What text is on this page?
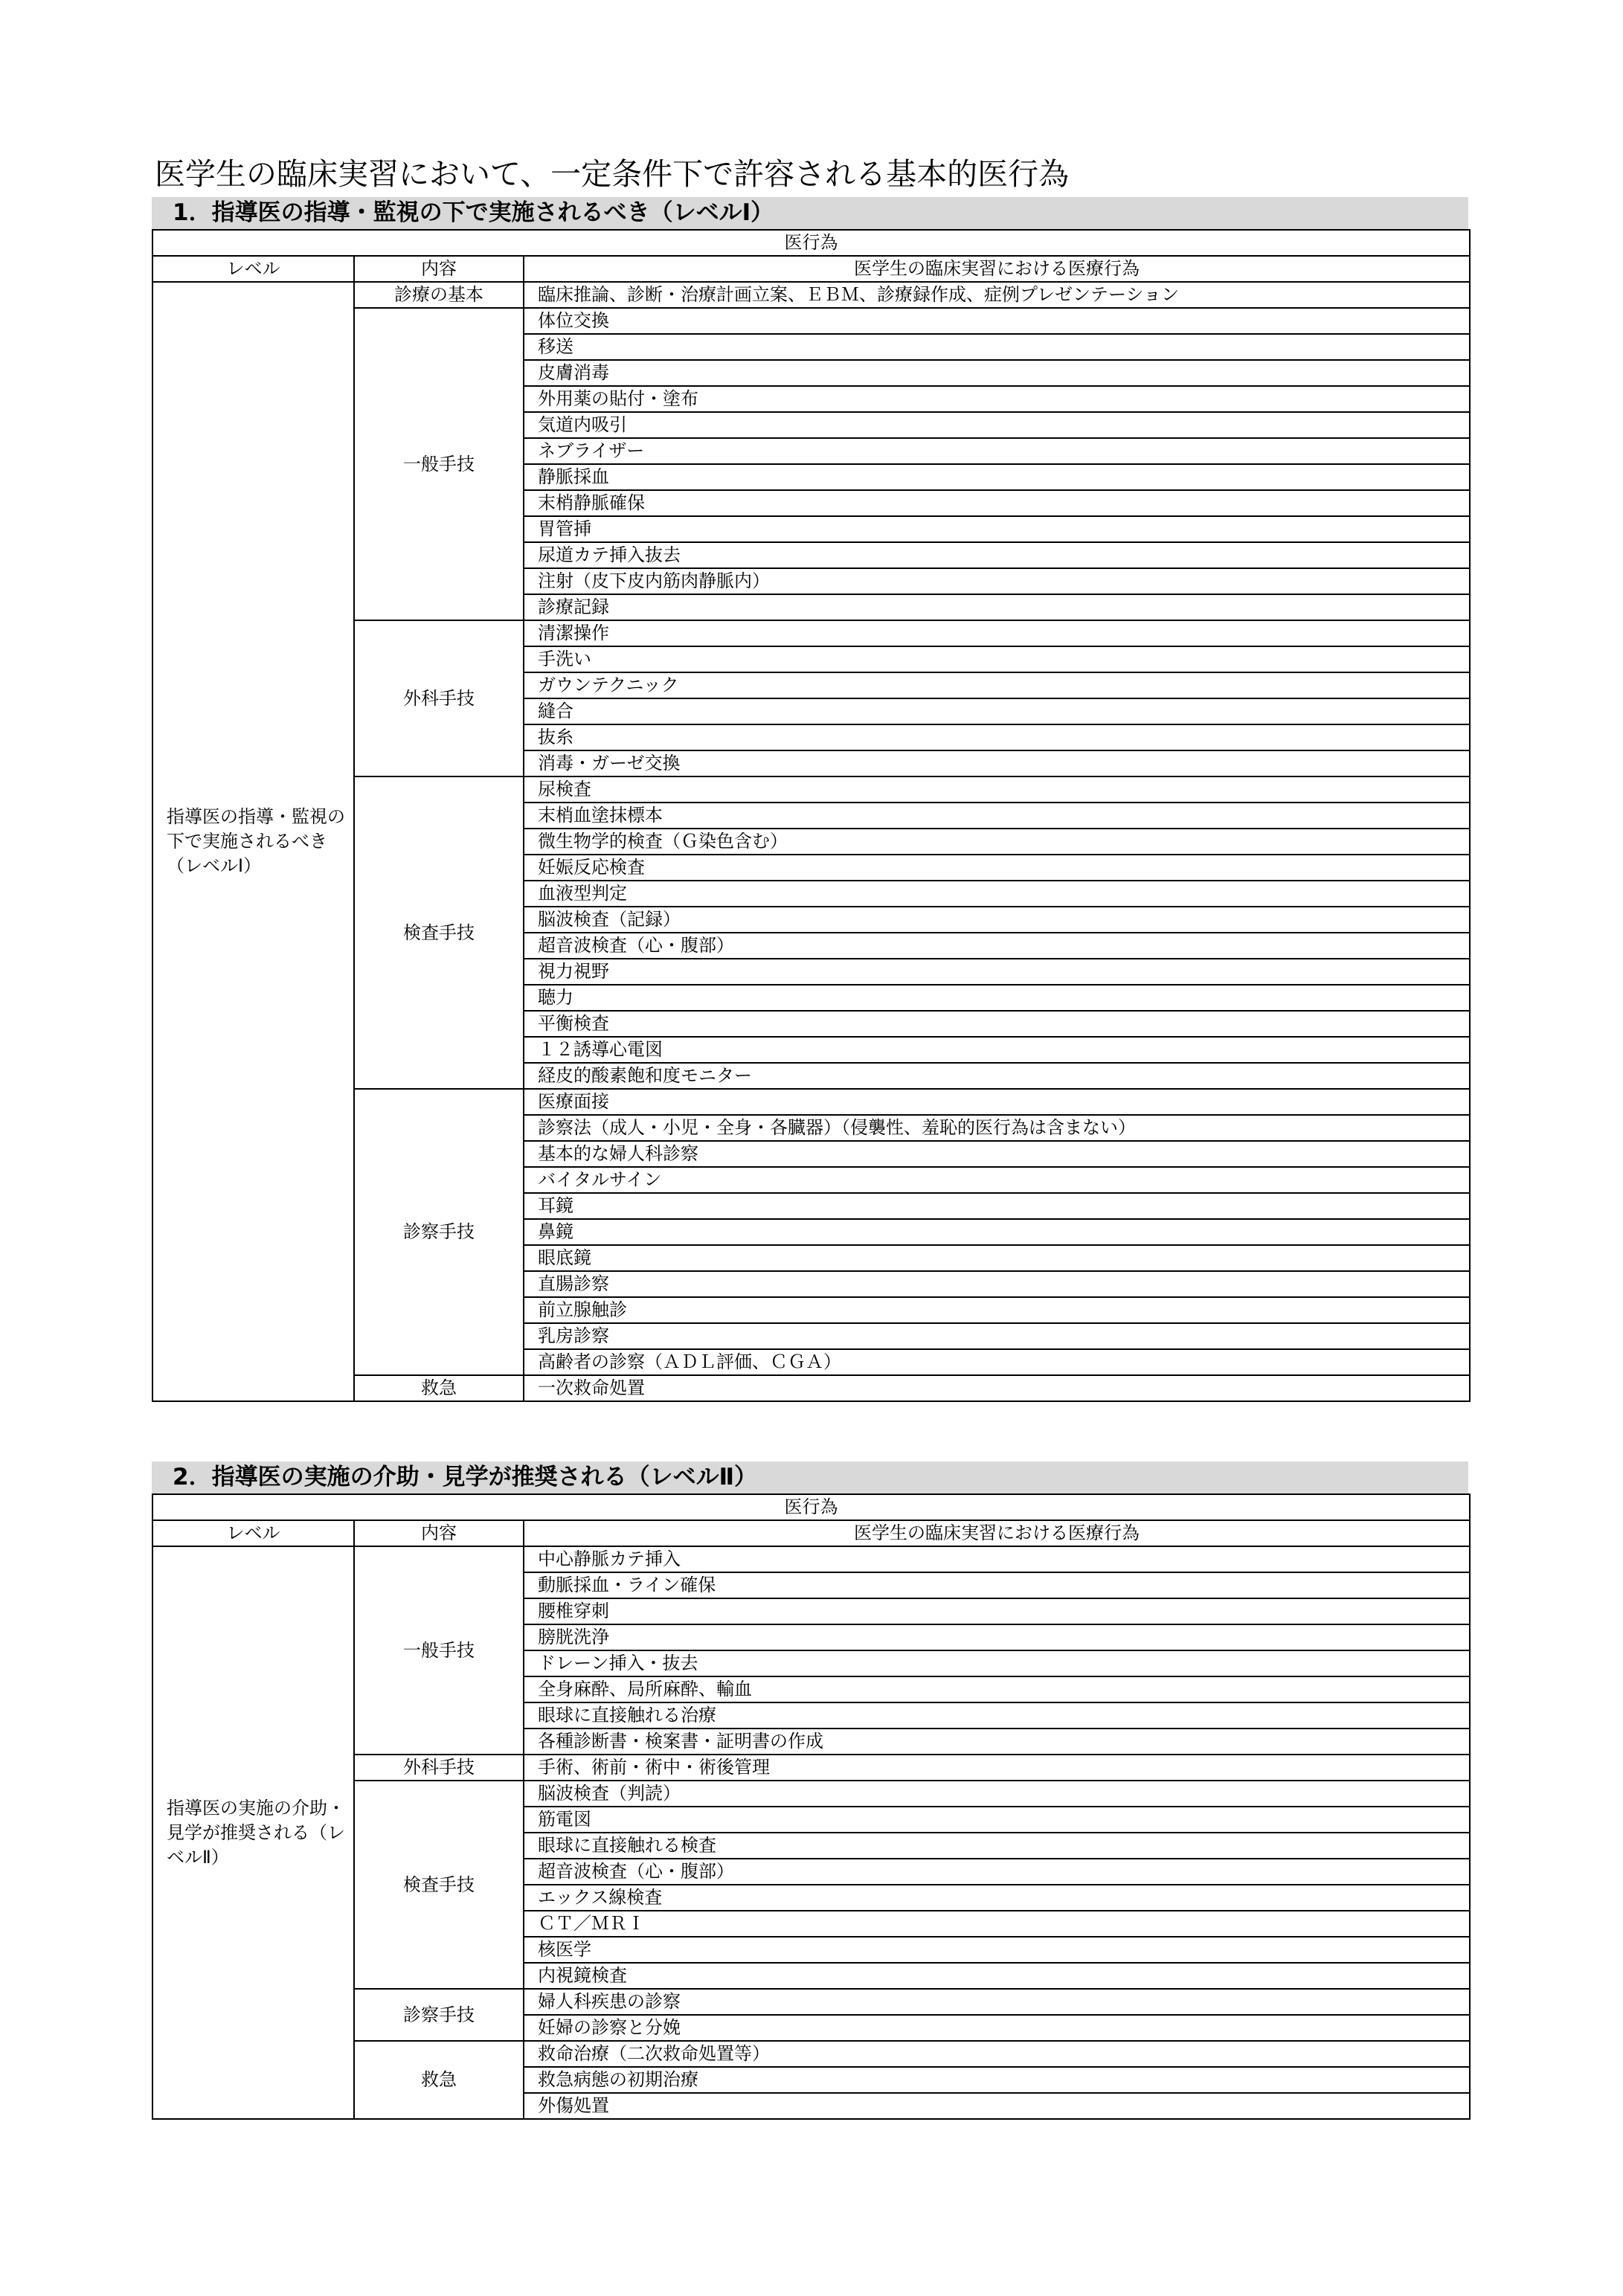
医学生の臨床実習において、一定条件下で許容される基本的医行為
1．指導医の指導・監視の下で実施されるべき（レベルⅠ）
医行為		
レベル	内容	医学生の臨床実習における医療行為
指導医の指導・監視の下で実施されるべき（レベルⅠ）	診療の基本	臨床推論、診断・治療計画立案、ＥＢＭ、診療録作成、症例プレゼンテーション
	一般手技	体位交換
		移送
		皮膚消毒
		外用薬の貼付・塗布
		気道内吸引
		ネブライザー
		静脈採血
		末梢静脈確保
		胃管挿
		尿道カテ挿入抜去
		注射（皮下皮内筋肉静脈内）
		診療記録
	外科手技	清潔操作
		手洗い
		ガウンテクニック
		縫合
		抜糸
		消毒・ガーゼ交換
	検査手技	尿検査
		末梢血塗抹標本
		微生物学的検査（Ｇ染色含む）
		妊娠反応検査
		血液型判定
		脳波検査（記録）
		超音波検査（心・腹部）
		視力視野
		聴力
		平衡検査
		１２誘導心電図
		経皮的酸素飽和度モニター
	診察手技	医療面接
		診察法（成人・小児・全身・各臓器）（侵襲性、羞恥的医行為は含まない）
		基本的な婦人科診察
		バイタルサイン
		耳鏡
		鼻鏡
		眼底鏡
		直腸診察
		前立腺触診
		乳房診察
		高齢者の診察（ＡＤＬ評価、ＣＧＡ）
	救急	一次救命処置
2．指導医の実施の介助・見学が推奨される（レベルⅡ）
医行為		
レベル	内容	医学生の臨床実習における医療行為
指導医の実施の介助・見学が推奨される（レベルⅡ）	一般手技	中心静脈カテ挿入
		動脈採血・ライン確保
		腰椎穿刺
		膀胱洗浄
		ドレーン挿入・抜去
		全身麻酔、局所麻酔、輸血
		眼球に直接触れる治療
		各種診断書・検案書・証明書の作成
	外科手技	手術、術前・術中・術後管理
	検査手技	脳波検査（判読）
		筋電図
		眼球に直接触れる検査
		超音波検査（心・腹部）
		エックス線検査
		ＣＴ／ＭＲＩ
		核医学
		内視鏡検査
	診察手技	婦人科疾患の診察
		妊婦の診察と分娩
	救急	救命治療（二次救命処置等）
		救急病態の初期治療
		外傷処置
